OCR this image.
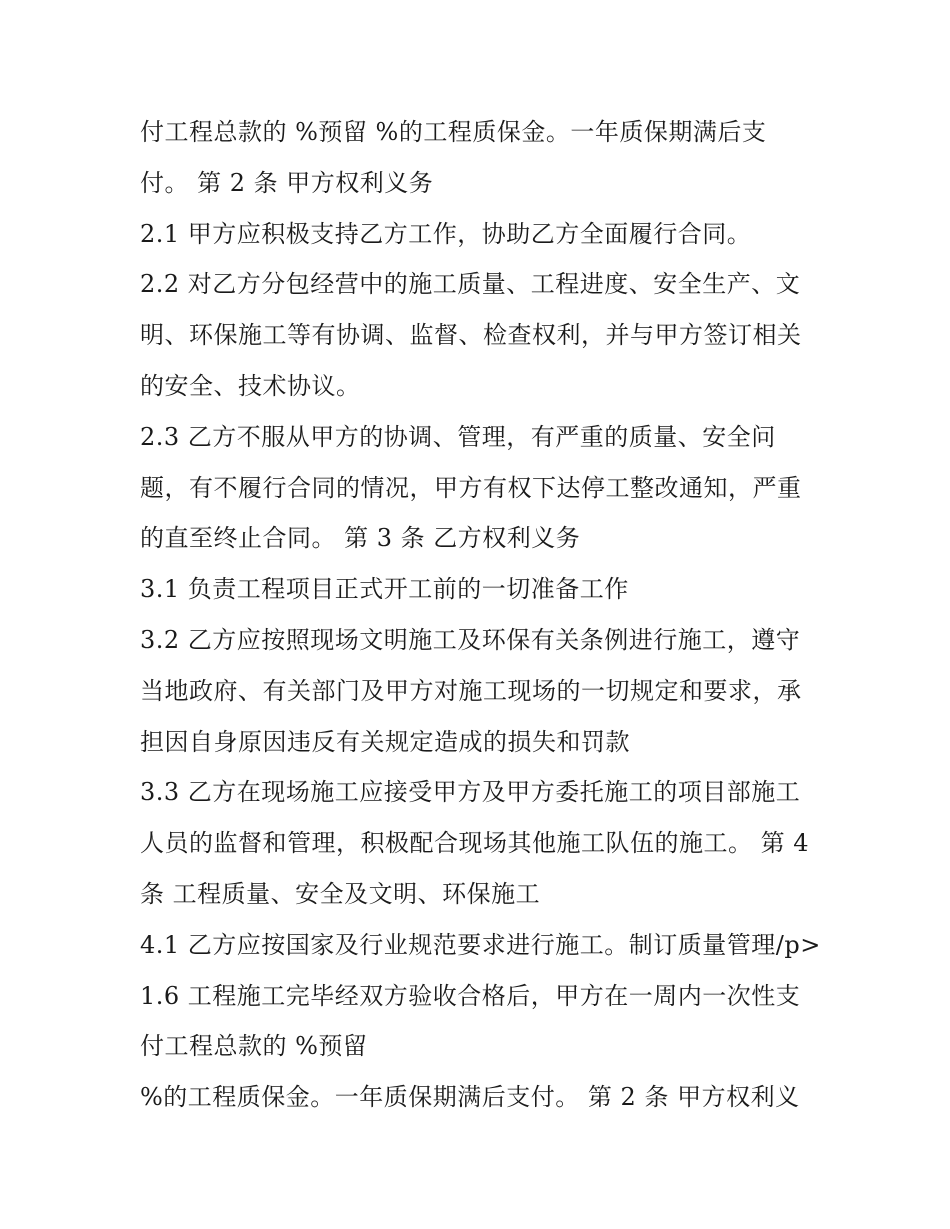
付工程总款的 %预留 %的工程质保金。一年质保期满后支
付。 第 2 条 甲方权利义务
2.1 甲方应积极支持乙方工作，协助乙方全面履行合同。
2.2 对乙方分包经营中的施工质量、工程进度、安全生产、文
明、环保施工等有协调、监督、检查权利，并与甲方签订相关
的安全、技术协议。
2.3 乙方不服从甲方的协调、管理，有严重的质量、安全问
题，有不履行合同的情况，甲方有权下达停工整改通知，严重
的直至终止合同。 第 3 条 乙方权利义务
3.1 负责工程项目正式开工前的一切准备工作
3.2 乙方应按照现场文明施工及环保有关条例进行施工，遵守
当地政府、有关部门及甲方对施工现场的一切规定和要求，承
担因自身原因违反有关规定造成的损失和罚款
3.3 乙方在现场施工应接受甲方及甲方委托施工的项目部施工
人员的监督和管理，积极配合现场其他施工队伍的施工。 第 4
条 工程质量、安全及文明、环保施工
4.1 乙方应按国家及行业规范要求进行施工。制订质量管理/p>
1.6 工程施工完毕经双方验收合格后，甲方在一周内一次性支
付工程总款的 %预留
%的工程质保金。一年质保期满后支付。 第 2 条 甲方权利义
